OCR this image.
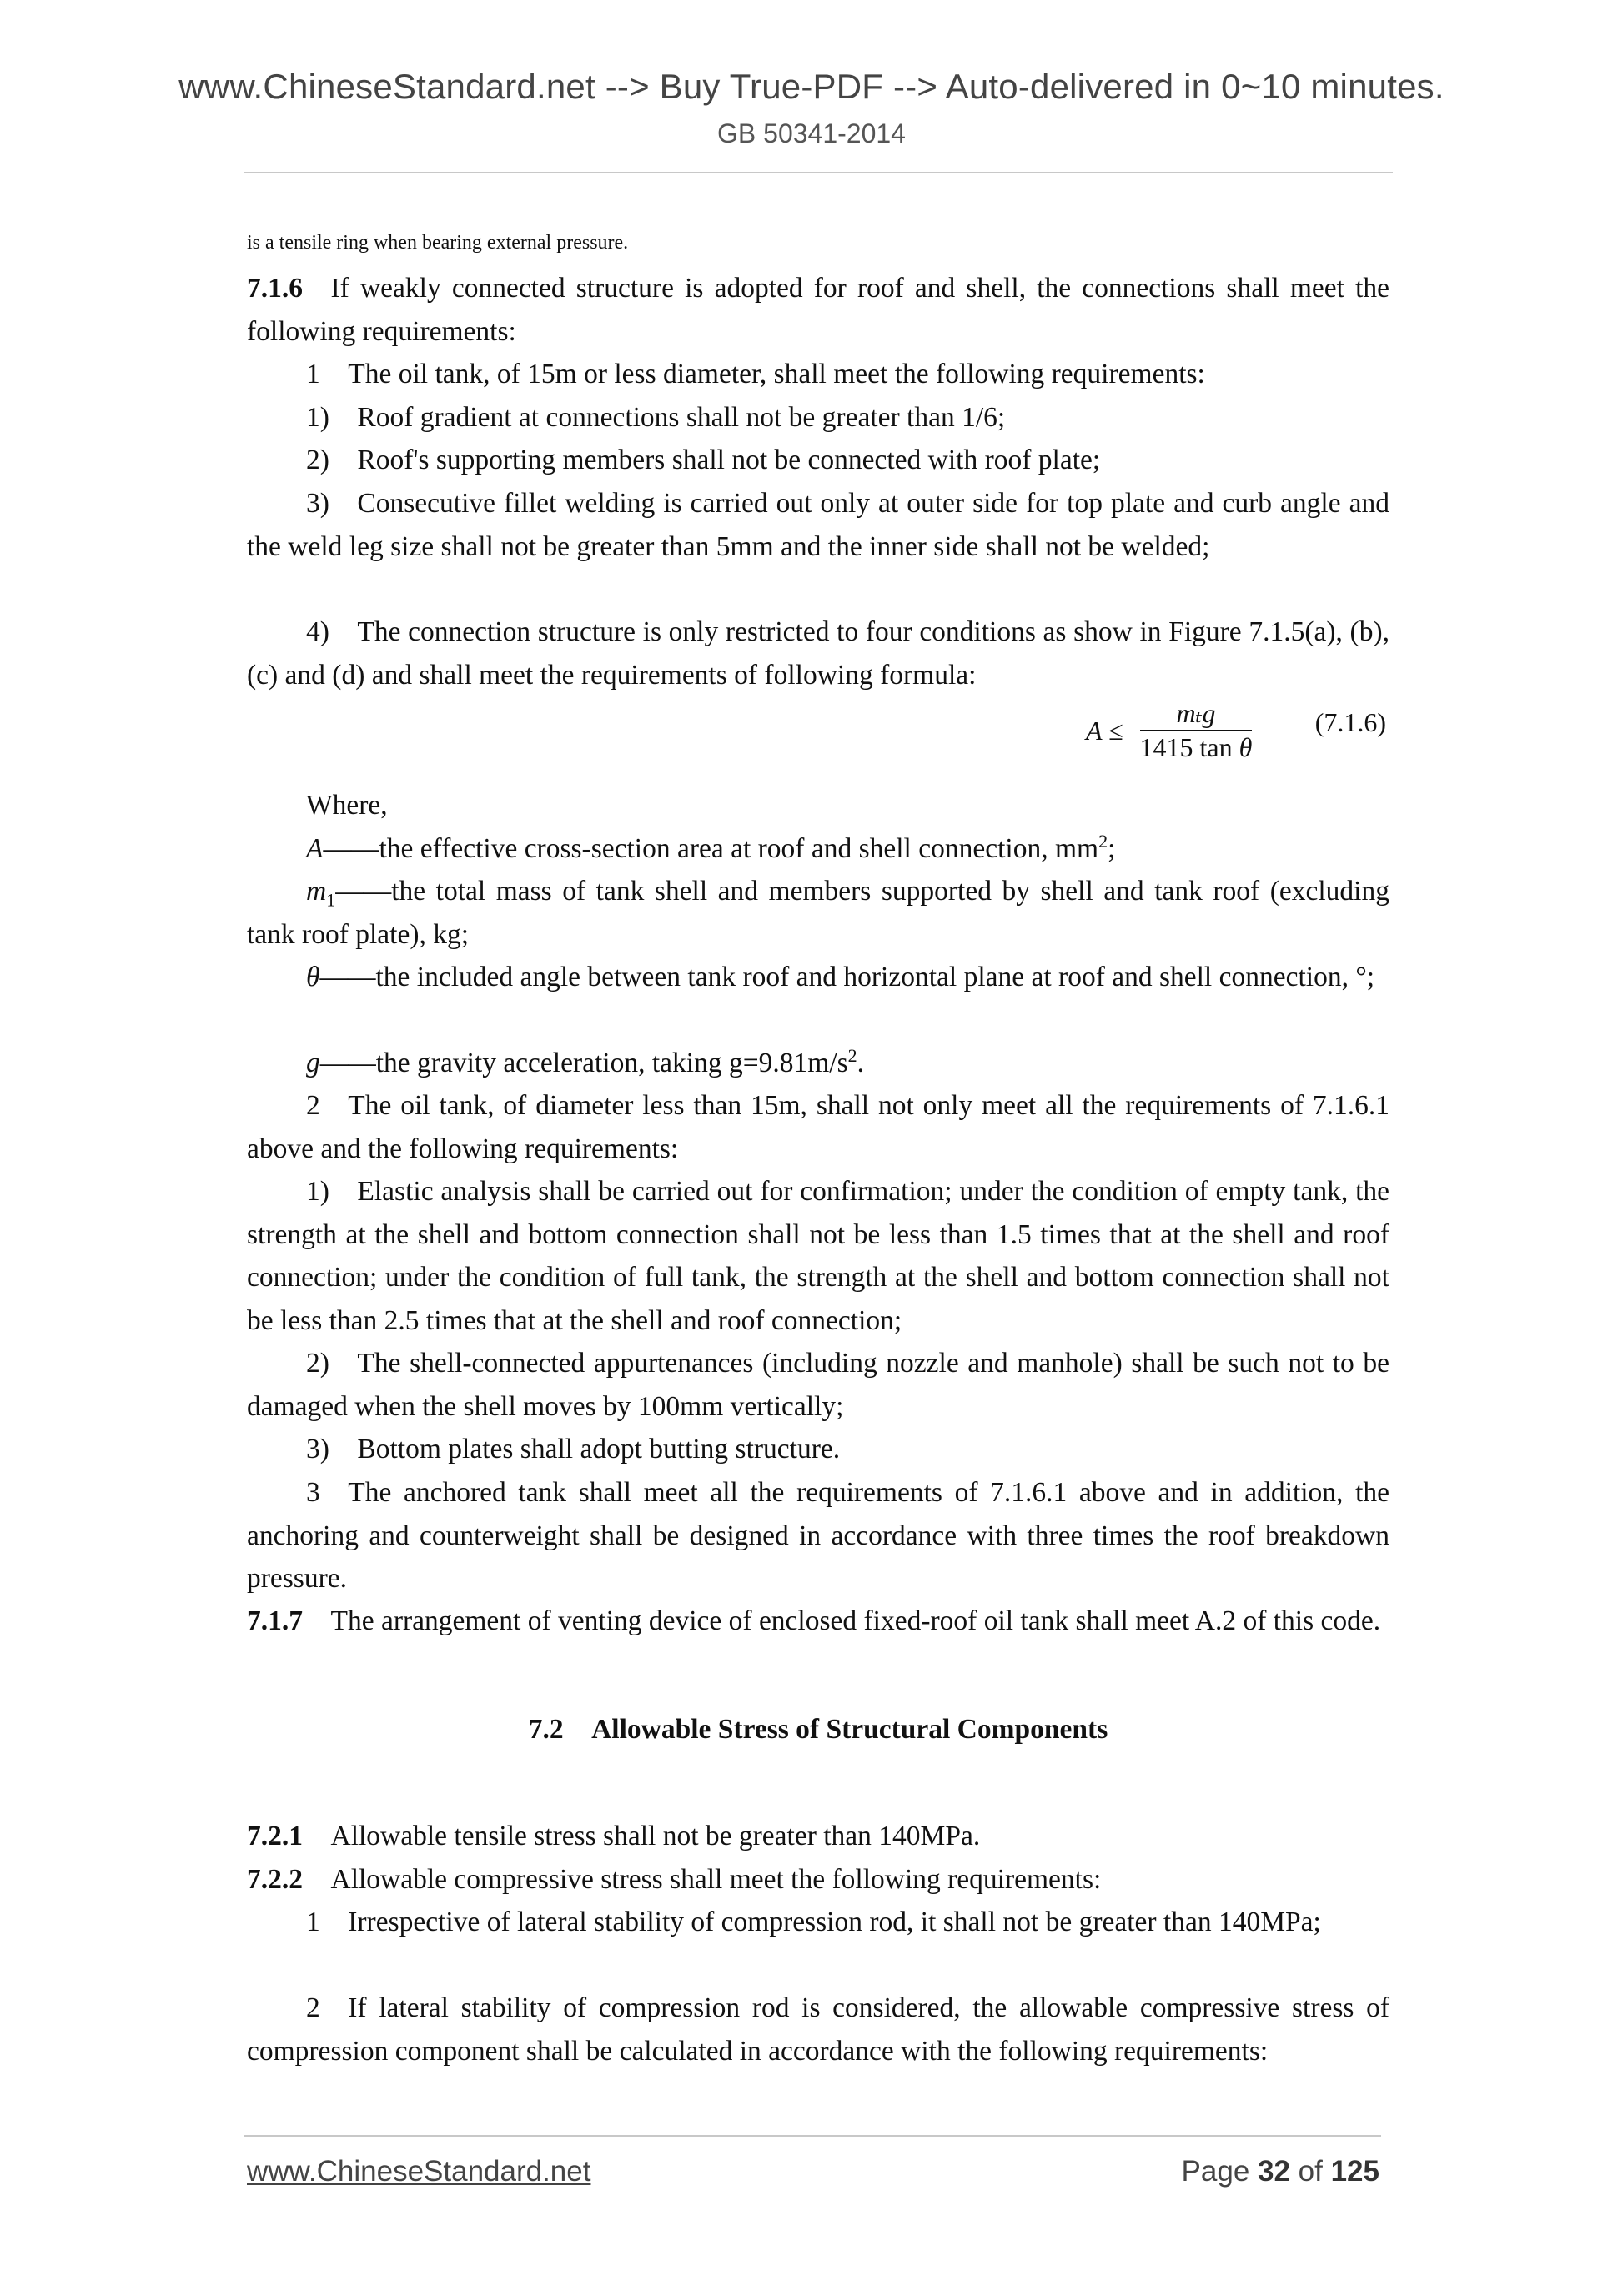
www.ChineseStandard.net --> Buy True-PDF --> Auto-delivered in 0~10 minutes.
GB 50341-2014
is a tensile ring when bearing external pressure.
7.1.6  If weakly connected structure is adopted for roof and shell, the connections shall meet the following requirements:
1 The oil tank, of 15m or less diameter, shall meet the following requirements:
1) Roof gradient at connections shall not be greater than 1/6;
2) Roof's supporting members shall not be connected with roof plate;
3) Consecutive fillet welding is carried out only at outer side for top plate and curb angle and the weld leg size shall not be greater than 5mm and the inner side shall not be welded;
4) The connection structure is only restricted to four conditions as show in Figure 7.1.5(a), (b), (c) and (d) and shall meet the requirements of following formula:
$A \le \frac{\text{mₜg}}{\text{1415 tan θ}} (7.1.6)$
Where,
A——the effective cross-section area at roof and shell connection, $mm^2$;
$m_1——the$ total mass of tank shell and members supported by shell and tank roof (excluding tank roof plate), kg;
θ——the included angle between tank roof and horizontal plane at roof and shell connection, °;
g——the gravity acceleration, taking $g=9.81m/s^2$.
2 The oil tank, of diameter less than 15m, shall not only meet all the requirements of 7.1.6.1 above and the following requirements:
1) Elastic analysis shall be carried out for confirmation; under the condition of empty tank, the strength at the shell and bottom connection shall not be less than 1.5 times that at the shell and roof connection; under the condition of full tank, the strength at the shell and bottom connection shall not be less than 2.5 times that at the shell and roof connection;
2) The shell-connected appurtenances (including nozzle and manhole) shall be such not to be damaged when the shell moves by 100mm vertically;
3) Bottom plates shall adopt butting structure.
3 The anchored tank shall meet all the requirements of 7.1.6.1 above and in addition, the anchoring and counterweight shall be designed in accordance with three times the roof breakdown pressure.
7.1.7  The arrangement of venting device of enclosed fixed-roof oil tank shall meet A.2 of this code.
7.2 Allowable Stress of Structural Components
7.2.1  Allowable tensile stress shall not be greater than 140MPa.
7.2.2  Allowable compressive stress shall meet the following requirements:
1 Irrespective of lateral stability of compression rod, it shall not be greater than 140MPa;
2 If lateral stability of compression rod is considered, the allowable compressive stress of compression component shall be calculated in accordance with the following requirements:
www.ChineseStandard.net	Page 32 of 125
